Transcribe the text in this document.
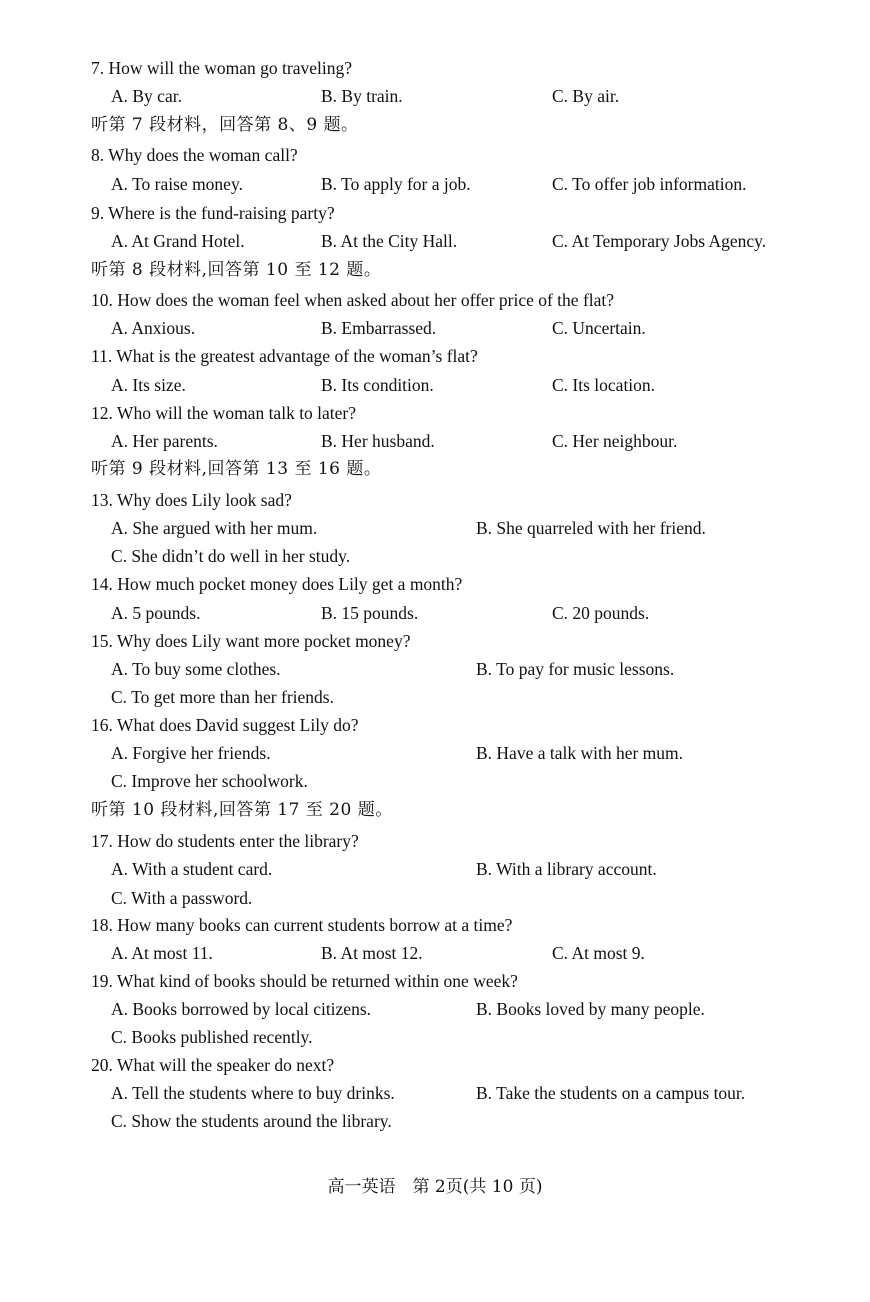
7. How will the woman go traveling?
A. By car.	B. By train.	C. By air.
听第 7 段材料，回答第 8、9 题。
8. Why does the woman call?
A. To raise money.	B. To apply for a job.	C. To offer job information.
9. Where is the fund-raising party?
A. At Grand Hotel.	B. At the City Hall.	C. At Temporary Jobs Agency.
听第 8 段材料,回答第 10 至 12 题。
10. How does the woman feel when asked about her offer price of the flat?
A. Anxious.	B. Embarrassed.	C. Uncertain.
11. What is the greatest advantage of the woman’s flat?
A. Its size.	B. Its condition.	C. Its location.
12. Who will the woman talk to later?
A. Her parents.	B. Her husband.	C. Her neighbour.
听第 9 段材料,回答第 13 至 16 题。
13. Why does Lily look sad?
A. She argued with her mum.	B. She quarreled with her friend.
C. She didn’t do well in her study.
14. How much pocket money does Lily get a month?
A. 5 pounds.	B. 15 pounds.	C. 20 pounds.
15. Why does Lily want more pocket money?
A. To buy some clothes.	B. To pay for music lessons.
C. To get more than her friends.
16. What does David suggest Lily do?
A. Forgive her friends.	B. Have a talk with her mum.
C. Improve her schoolwork.
听第 10 段材料,回答第 17 至 20 题。
17. How do students enter the library?
A. With a student card.	B. With a library account.
C. With a password.
18. How many books can current students borrow at a time?
A. At most 11.	B. At most 12.	C. At most 9.
19. What kind of books should be returned within one week?
A. Books borrowed by local citizens.	B. Books loved by many people.
C. Books published recently.
20. What will the speaker do next?
A. Tell the students where to buy drinks.	B. Take the students on a campus tour.
C. Show the students around the library.
高一英语　第 2页(共 10 页)
